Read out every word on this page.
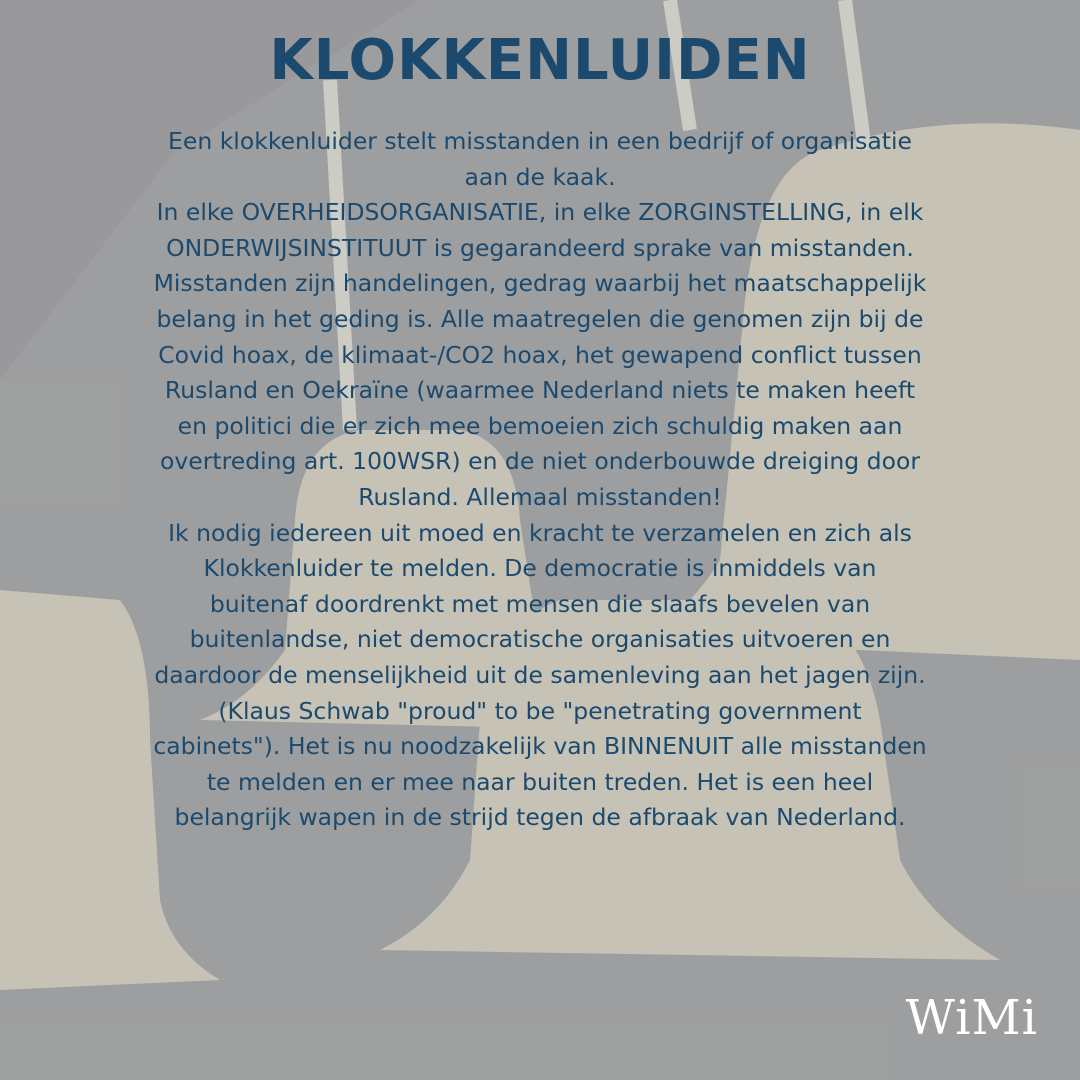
KLOKKENLUIDEN
Een klokkenluider stelt misstanden in een bedrijf of organisatie
aan de kaak.
In elke OVERHEIDSORGANISATIE, in elke ZORGINSTELLING, in elk
ONDERWIJSINSTITUUT is gegarandeerd sprake van misstanden.
Misstanden zijn handelingen, gedrag waarbij het maatschappelijk
belang in het geding is. Alle maatregelen die genomen zijn bij de
Covid hoax, de klimaat-/CO2 hoax, het gewapend conflict tussen
Rusland en Oekraïne (waarmee Nederland niets te maken heeft
en politici die er zich mee bemoeien zich schuldig maken aan
overtreding art. 100WSR) en de niet onderbouwde dreiging door
Rusland. Allemaal misstanden!
Ik nodig iedereen uit moed en kracht te verzamelen en zich als
Klokkenluider te melden. De democratie is inmiddels van
buitenaf doordrenkt met mensen die slaafs bevelen van
buitenlandse, niet democratische organisaties uitvoeren en
daardoor de menselijkheid uit de samenleving aan het jagen zijn.
(Klaus Schwab "proud" to be "penetrating government
cabinets"). Het is nu noodzakelijk van BINNENUIT alle misstanden
te melden en er mee naar buiten treden. Het is een heel
belangrijk wapen in de strijd tegen de afbraak van Nederland.
WiMi
